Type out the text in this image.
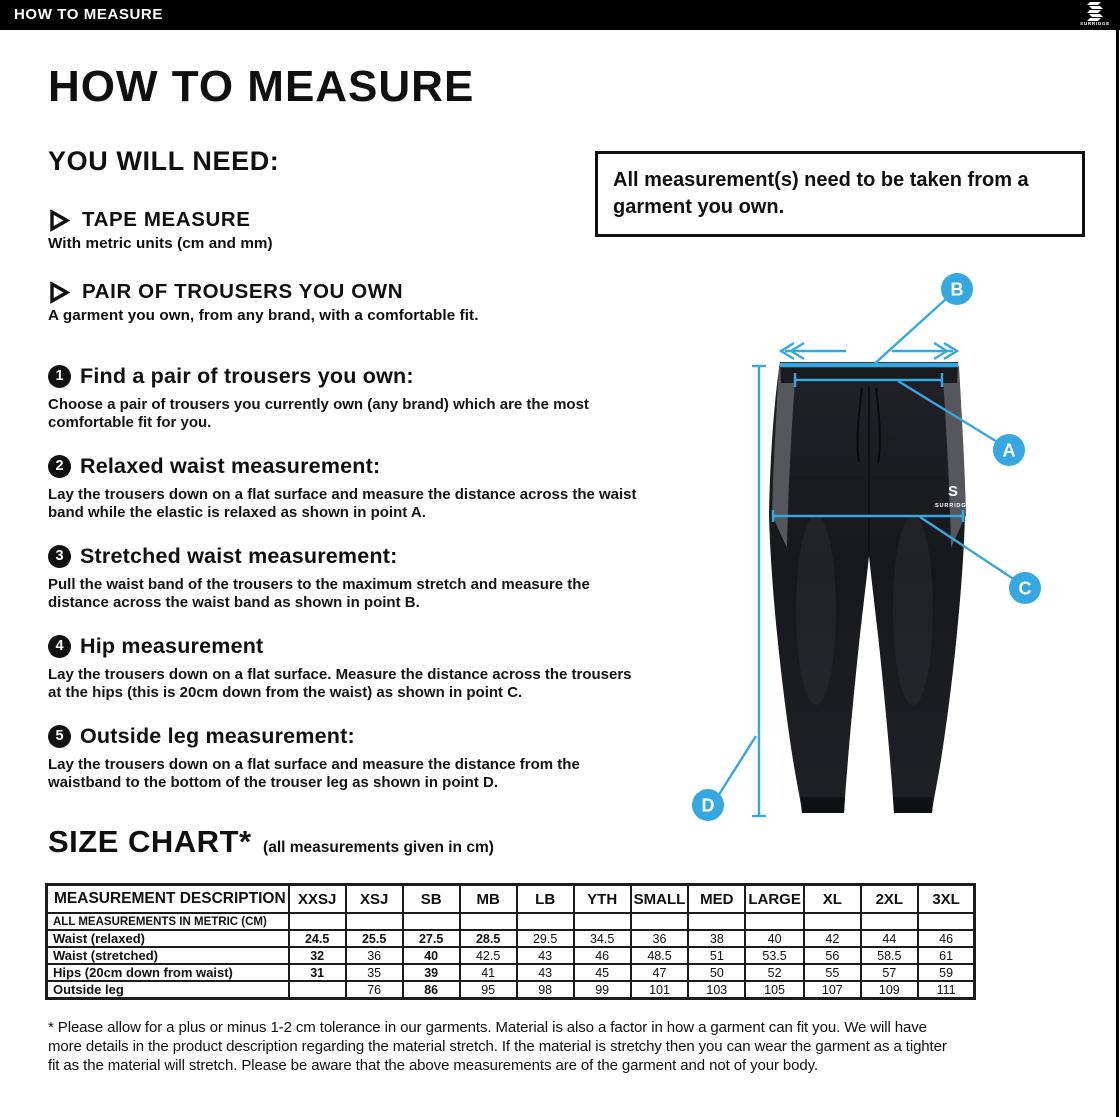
HOW TO MEASURE
SURRIDGE
HOW TO MEASURE
YOU WILL NEED:
All measurement(s) need to be taken from a garment you own.
TAPE MEASURE
With metric units (cm and mm)
PAIR OF TROUSERS YOU OWN
A garment you own, from any brand, with a comfortable fit.
1 Find a pair of trousers you own:
Choose a pair of trousers you currently own (any brand) which are the most comfortable fit for you.
2 Relaxed waist measurement:
Lay the trousers down on a flat surface and measure the distance across the waist band while the elastic is relaxed as shown in point A.
3 Stretched waist measurement:
Pull the waist band of the trousers to the maximum stretch and measure the distance across the waist band as shown in point B.
4 Hip measurement
Lay the trousers down on a flat surface. Measure the distance across the trousers at the hips (this is 20cm down from the waist) as shown in point C.
5 Outside leg measurement:
Lay the trousers down on a flat surface and measure the distance from the waistband to the bottom of the trouser leg as shown in point D.
S
SURRIDGE
A
B
C
D
SIZE CHART* (all measurements given in cm)
MEASUREMENT DESCRIPTION	XXSJ	XSJ	SB	MB	LB	YTH	SMALL	MED	LARGE	XL	2XL	3XL
ALL MEASUREMENTS IN METRIC (CM)												
Waist (relaxed)	24.5	25.5	27.5	28.5	29.5	34.5	36	38	40	42	44	46
Waist (stretched)	32	36	40	42.5	43	46	48.5	51	53.5	56	58.5	61
Hips (20cm down from waist)	31	35	39	41	43	45	47	50	52	55	57	59
Outside leg		76	86	95	98	99	101	103	105	107	109	111
* Please allow for a plus or minus 1-2 cm tolerance in our garments. Material is also a factor in how a garment can fit you. We will have more details in the product description regarding the material stretch. If the material is stretchy then you can wear the garment as a tighter fit as the material will stretch. Please be aware that the above measurements are of the garment and not of your body.
